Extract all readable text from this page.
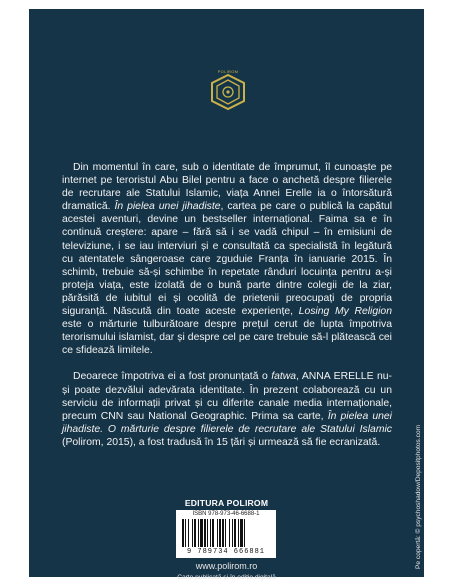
POLIROM

Din momentul în care, sub o identitate de împrumut, îl cunoaște pe internet pe teroristul Abu Bilel pentru a face o anchetă despre filierele de recrutare ale Statului Islamic, viața Annei Erelle ia o întorsătură dramatică. În pielea unei jihadiste, cartea pe care o publică la capătul acestei aventuri, devine un bestseller internațional. Faima sa e în continuă creștere: apare – fără să i se vadă chipul – în emisiuni de televiziune, i se iau interviuri și e consultată ca specialistă în legătură cu atentatele sângeroase care zguduie Franța în ianuarie 2015. În schimb, trebuie să-și schimbe în repetate rânduri locuința pentru a-și proteja viața, este izolată de o bună parte dintre colegii de la ziar, părăsită de iubitul ei și ocolită de prietenii preocupați de propria siguranță. Născută din toate aceste experiențe, Losing My Religion este o mărturie tulburătoare despre prețul cerut de lupta împotriva terorismului islamist, dar și despre cel pe care trebuie să-l plătească cei ce sfidează limitele.

Deoarece împotriva ei a fost pronunțată o fatwa, ANNA ERELLE nu-și poate dezvălui adevărata identitate. În prezent colaborează cu un serviciu de informații privat și cu diferite canale media internaționale, precum CNN sau National Geographic. Prima sa carte, În pielea unei jihadiste. O mărturie despre filierele de recrutare ale Statului Islamic (Polirom, 2015), a fost tradusă în 15 țări și urmează să fie ecranizată.	Pe copertă: © psychoshadow/Depositphotos.com
EDITURA POLIROM
ISBN 978-973-46-6688-1
9 789734 666881
www.polirom.ro
Carte publicată și în ediție digitală
